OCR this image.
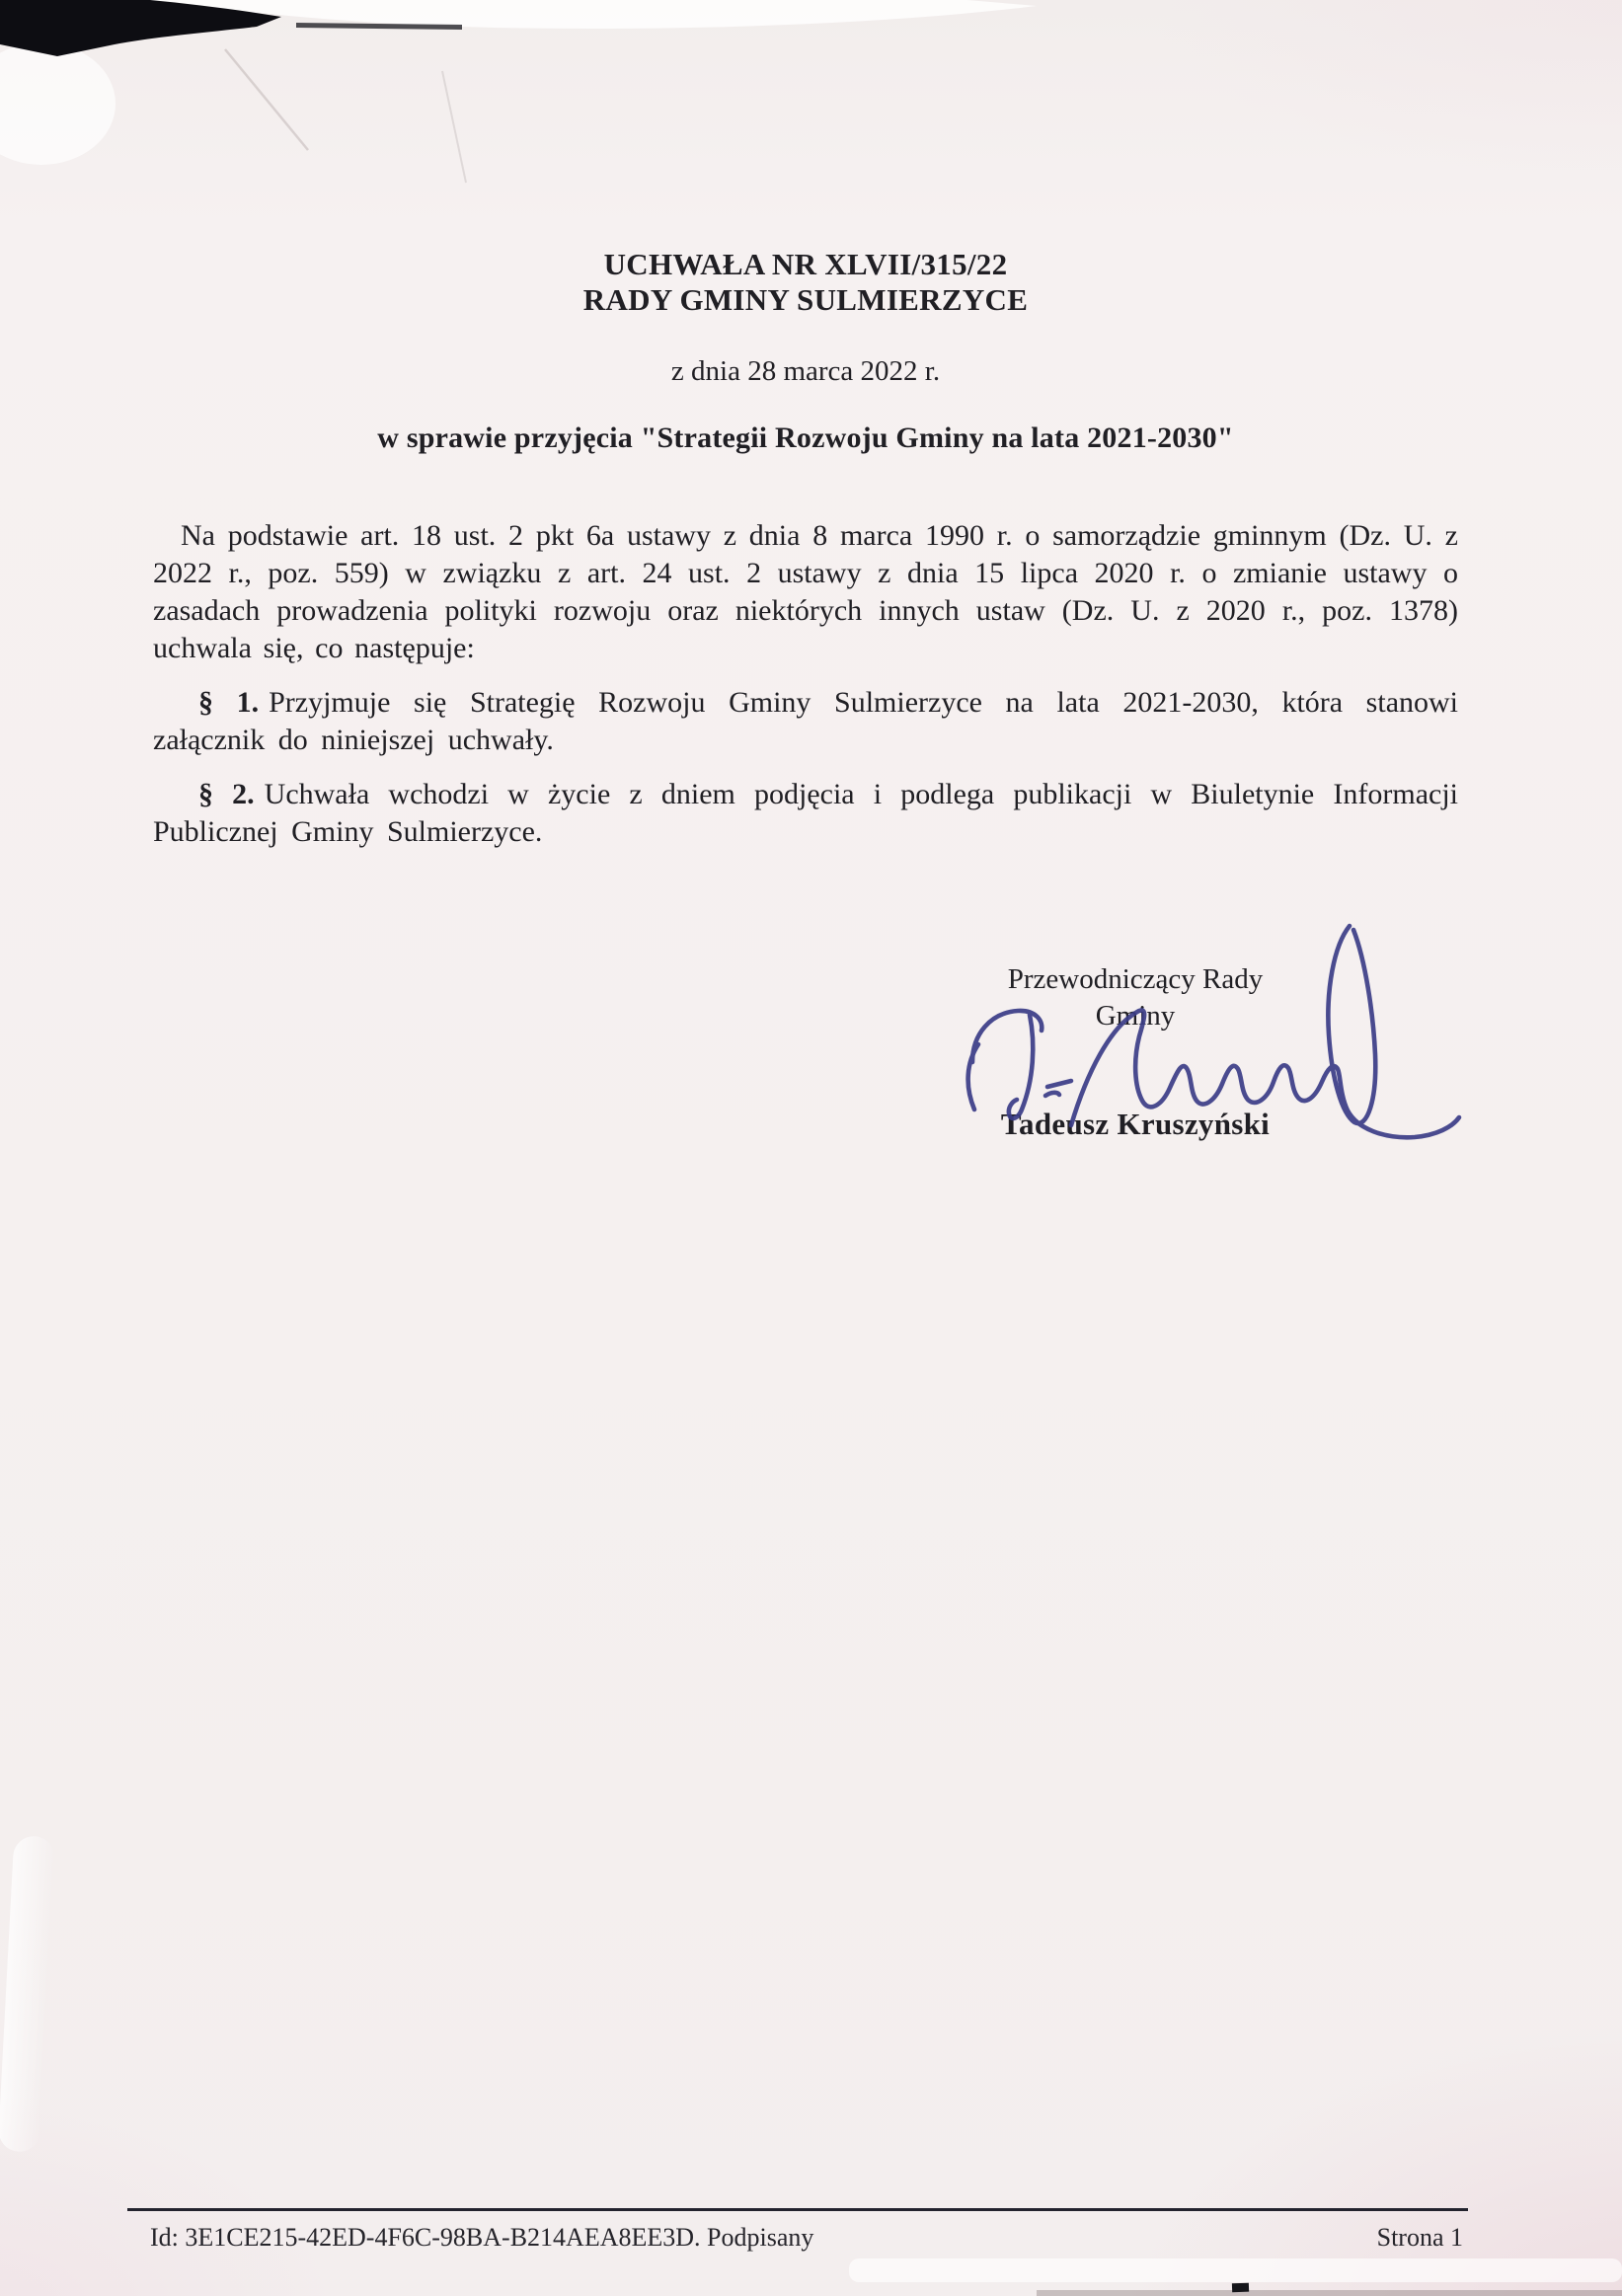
UCHWAŁA NR XLVII/315/22
RADY GMINY SULMIERZYCE
z dnia 28 marca 2022 r.
w sprawie przyjęcia "Strategii Rozwoju Gminy na lata 2021-2030"

Na podstawie art. 18 ust. 2 pkt 6a ustawy z dnia 8 marca 1990 r. o samorządzie gminnym (Dz. U. z 2022 r., poz. 559) w związku z art. 24 ust. 2 ustawy z dnia 15 lipca 2020 r. o zmianie ustawy o zasadach prowadzenia polityki rozwoju oraz niektórych innych ustaw (Dz. U. z 2020 r., poz. 1378) uchwala się, co następuje:

§ 1. Przyjmuje się Strategię Rozwoju Gminy Sulmierzyce na lata 2021-2030, która stanowi załącznik do niniejszej uchwały.

§ 2. Uchwała wchodzi w życie z dniem podjęcia i podlega publikacji w Biuletynie Informacji Publicznej Gminy Sulmierzyce.

Przewodniczący Rady
Gminy
Tadeusz Kruszyński
Id: 3E1CE215-42ED-4F6C-98BA-B214AEA8EE3D. Podpisany	Strona 1
